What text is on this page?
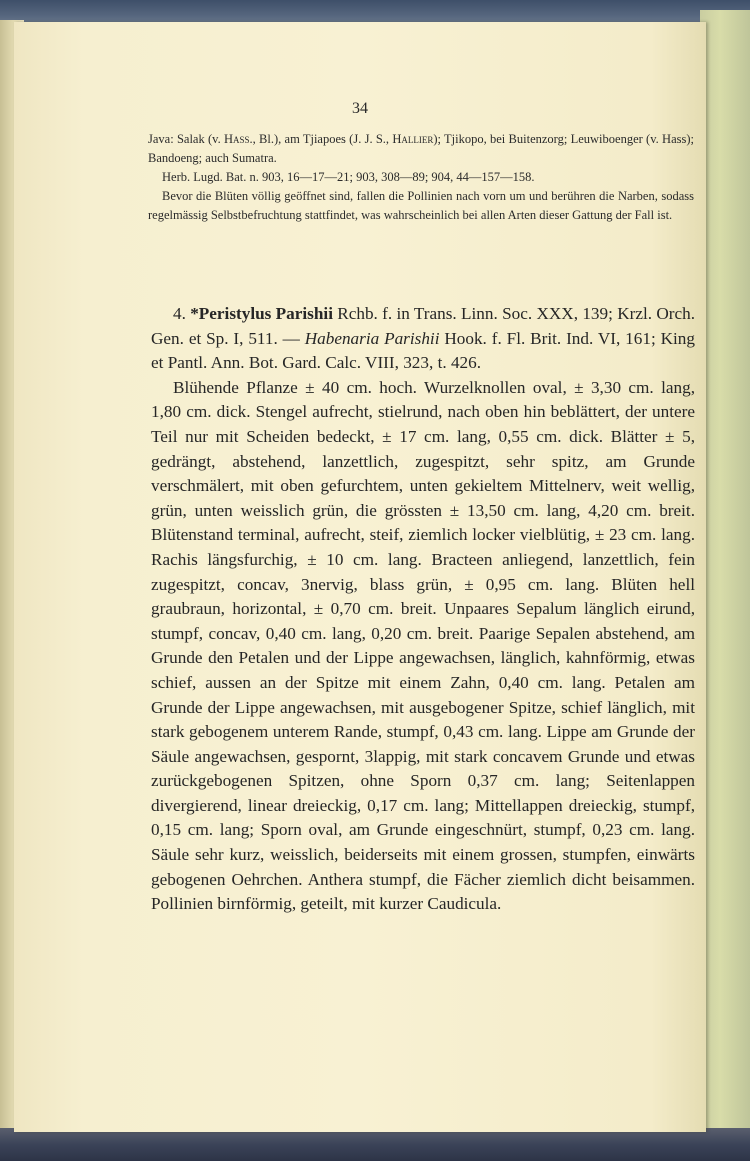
34

Java: Salak (v. Hass., Bl.), am Tjiapoes (J. J. S., Hallier); Tjikopo, bei Buitenzorg; Leuwiboenger (v. Hass); Bandoeng; auch Sumatra.

Herb. Lugd. Bat. n. 903, 16—17—21; 903, 308—89; 904, 44—157—158.

Bevor die Blüten völlig geöffnet sind, fallen die Pollinien nach vorn um und berühren die Narben, sodass regelmässig Selbstbefruchtung stattfindet, was wahrscheinlich bei allen Arten dieser Gattung der Fall ist.

4. *Peristylus Parishii Rchb. f. in Trans. Linn. Soc. XXX, 139; Krzl. Orch. Gen. et Sp. I, 511. — Habenaria Parishii Hook. f. Fl. Brit. Ind. VI, 161; King et Pantl. Ann. Bot. Gard. Calc. VIII, 323, t. 426.

Blühende Pflanze ± 40 cm. hoch. Wurzelknollen oval, ± 3,30 cm. lang, 1,80 cm. dick. Stengel aufrecht, stielrund, nach oben hin beblättert, der untere Teil nur mit Scheiden bedeckt, ± 17 cm. lang, 0,55 cm. dick. Blätter ± 5, gedrängt, abstehend, lanzettlich, zugespitzt, sehr spitz, am Grunde verschmälert, mit oben gefurchtem, unten gekieltem Mittelnerv, weit wellig, grün, unten weisslich grün, die grössten ± 13,50 cm. lang, 4,20 cm. breit. Blütenstand terminal, aufrecht, steif, ziemlich locker vielblütig, ± 23 cm. lang. Rachis längsfurchig, ± 10 cm. lang. Bracteen anliegend, lanzettlich, fein zugespitzt, concav, 3nervig, blass grün, ± 0,95 cm. lang. Blüten hell graubraun, horizontal, ± 0,70 cm. breit. Unpaares Sepalum länglich eirund, stumpf, concav, 0,40 cm. lang, 0,20 cm. breit. Paarige Sepalen abstehend, am Grunde den Petalen und der Lippe angewachsen, länglich, kahnförmig, etwas schief, aussen an der Spitze mit einem Zahn, 0,40 cm. lang. Petalen am Grunde der Lippe angewachsen, mit ausgebogener Spitze, schief länglich, mit stark gebogenem unterem Rande, stumpf, 0,43 cm. lang. Lippe am Grunde der Säule angewachsen, gespornt, 3lappig, mit stark concavem Grunde und etwas zurückgebogenen Spitzen, ohne Sporn 0,37 cm. lang; Seitenlappen divergierend, linear dreieckig, 0,17 cm. lang; Mittellappen dreieckig, stumpf, 0,15 cm. lang; Sporn oval, am Grunde eingeschnürt, stumpf, 0,23 cm. lang. Säule sehr kurz, weisslich, beiderseits mit einem grossen, stumpfen, einwärts gebogenen Oehrchen. Anthera stumpf, die Fächer ziemlich dicht beisammen. Pollinien birnförmig, geteilt, mit kurzer Caudicula.
